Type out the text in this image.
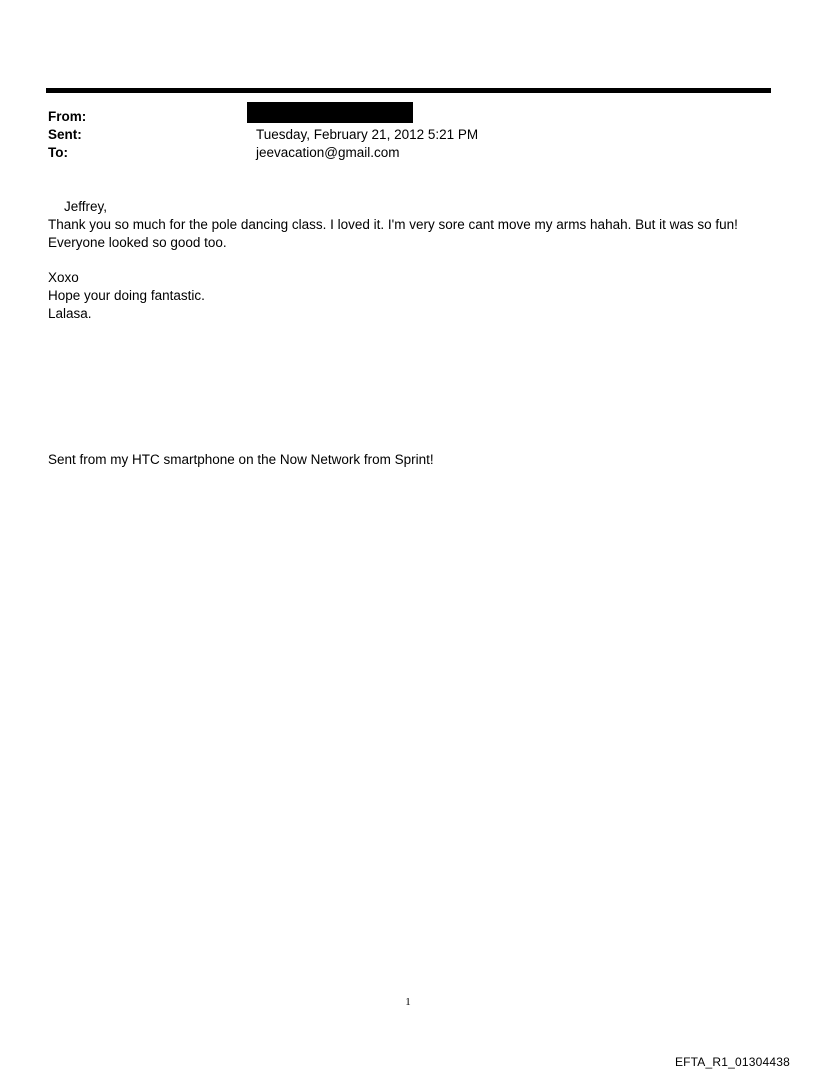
From:
Sent:	Tuesday, February 21, 2012 5:21 PM
To:	jeevacation@gmail.com
Jeffrey,
Thank you so much for the pole dancing class. I loved it. I'm very sore cant move my arms hahah. But it was so fun!
Everyone looked so good too.
Xoxo
Hope your doing fantastic.
Lalasa.
Sent from my HTC smartphone on the Now Network from Sprint!
1
EFTA_R1_01304438
